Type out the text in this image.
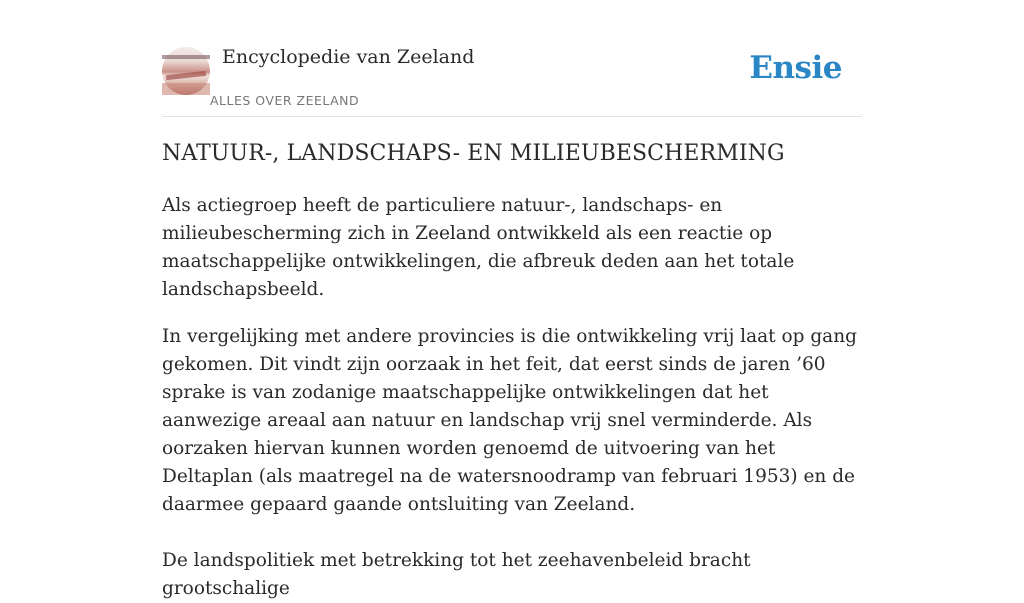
Encyclopedie van Zeeland
ALLES OVER ZEELAND
Ensie
NATUUR-, LANDSCHAPS- EN MILIEUBESCHERMING

Als actiegroep heeft de particuliere natuur-, landschaps- en milieubescherming zich in Zeeland ontwikkeld als een reactie op maatschappelijke ontwikkelingen, die afbreuk deden aan het totale landschapsbeeld.

In vergelijking met andere provincies is die ontwikkeling vrij laat op gang gekomen. Dit vindt zijn oorzaak in het feit, dat eerst sinds de jaren ’60 sprake is van zodanige maatschappelijke ontwikkelingen dat het aanwezige areaal aan natuur en landschap vrij snel verminderde. Als oorzaken hiervan kunnen worden genoemd de uitvoering van het Deltaplan (als maatregel na de watersnoodramp van februari 1953) en de daarmee gepaard gaande ontsluiting van Zeeland.

De landspolitiek met betrekking tot het zeehavenbeleid bracht grootschalige
